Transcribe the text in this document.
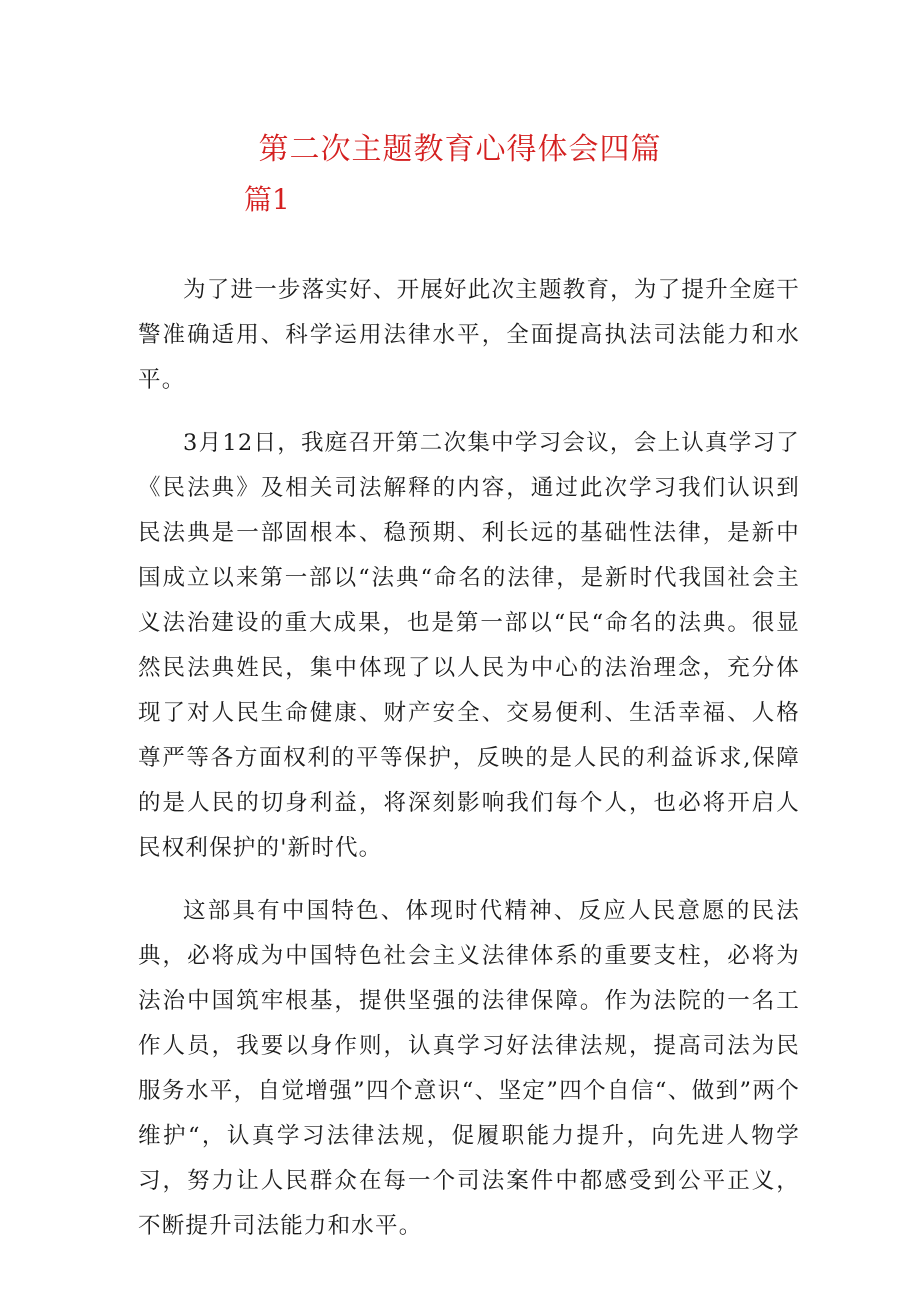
第二次主题教育心得体会四篇
篇1

为了进一步落实好、开展好此次主题教育，为了提升全庭干警准确适用、科学运用法律水平，全面提高执法司法能力和水平。

3月12日，我庭召开第二次集中学习会议，会上认真学习了《民法典》及相关司法解释的内容，通过此次学习我们认识到民法典是一部固根本、稳预期、利长远的基础性法律，是新中国成立以来第一部以“法典“命名的法律，是新时代我国社会主义法治建设的重大成果，也是第一部以“民“命名的法典。很显然民法典姓民，集中体现了以人民为中心的法治理念，充分体现了对人民生命健康、财产安全、交易便利、生活幸福、人格尊严等各方面权利的平等保护，反映的是人民的利益诉求,保障的是人民的切身利益，将深刻影响我们每个人，也必将开启人民权利保护的'新时代。

这部具有中国特色、体现时代精神、反应人民意愿的民法典，必将成为中国特色社会主义法律体系的重要支柱，必将为法治中国筑牢根基，提供坚强的法律保障。作为法院的一名工作人员，我要以身作则，认真学习好法律法规，提高司法为民服务水平，自觉增强”四个意识“、坚定”四个自信“、做到”两个维护“，认真学习法律法规，促履职能力提升，向先进人物学习，努力让人民群众在每一个司法案件中都感受到公平正义，不断提升司法能力和水平。
